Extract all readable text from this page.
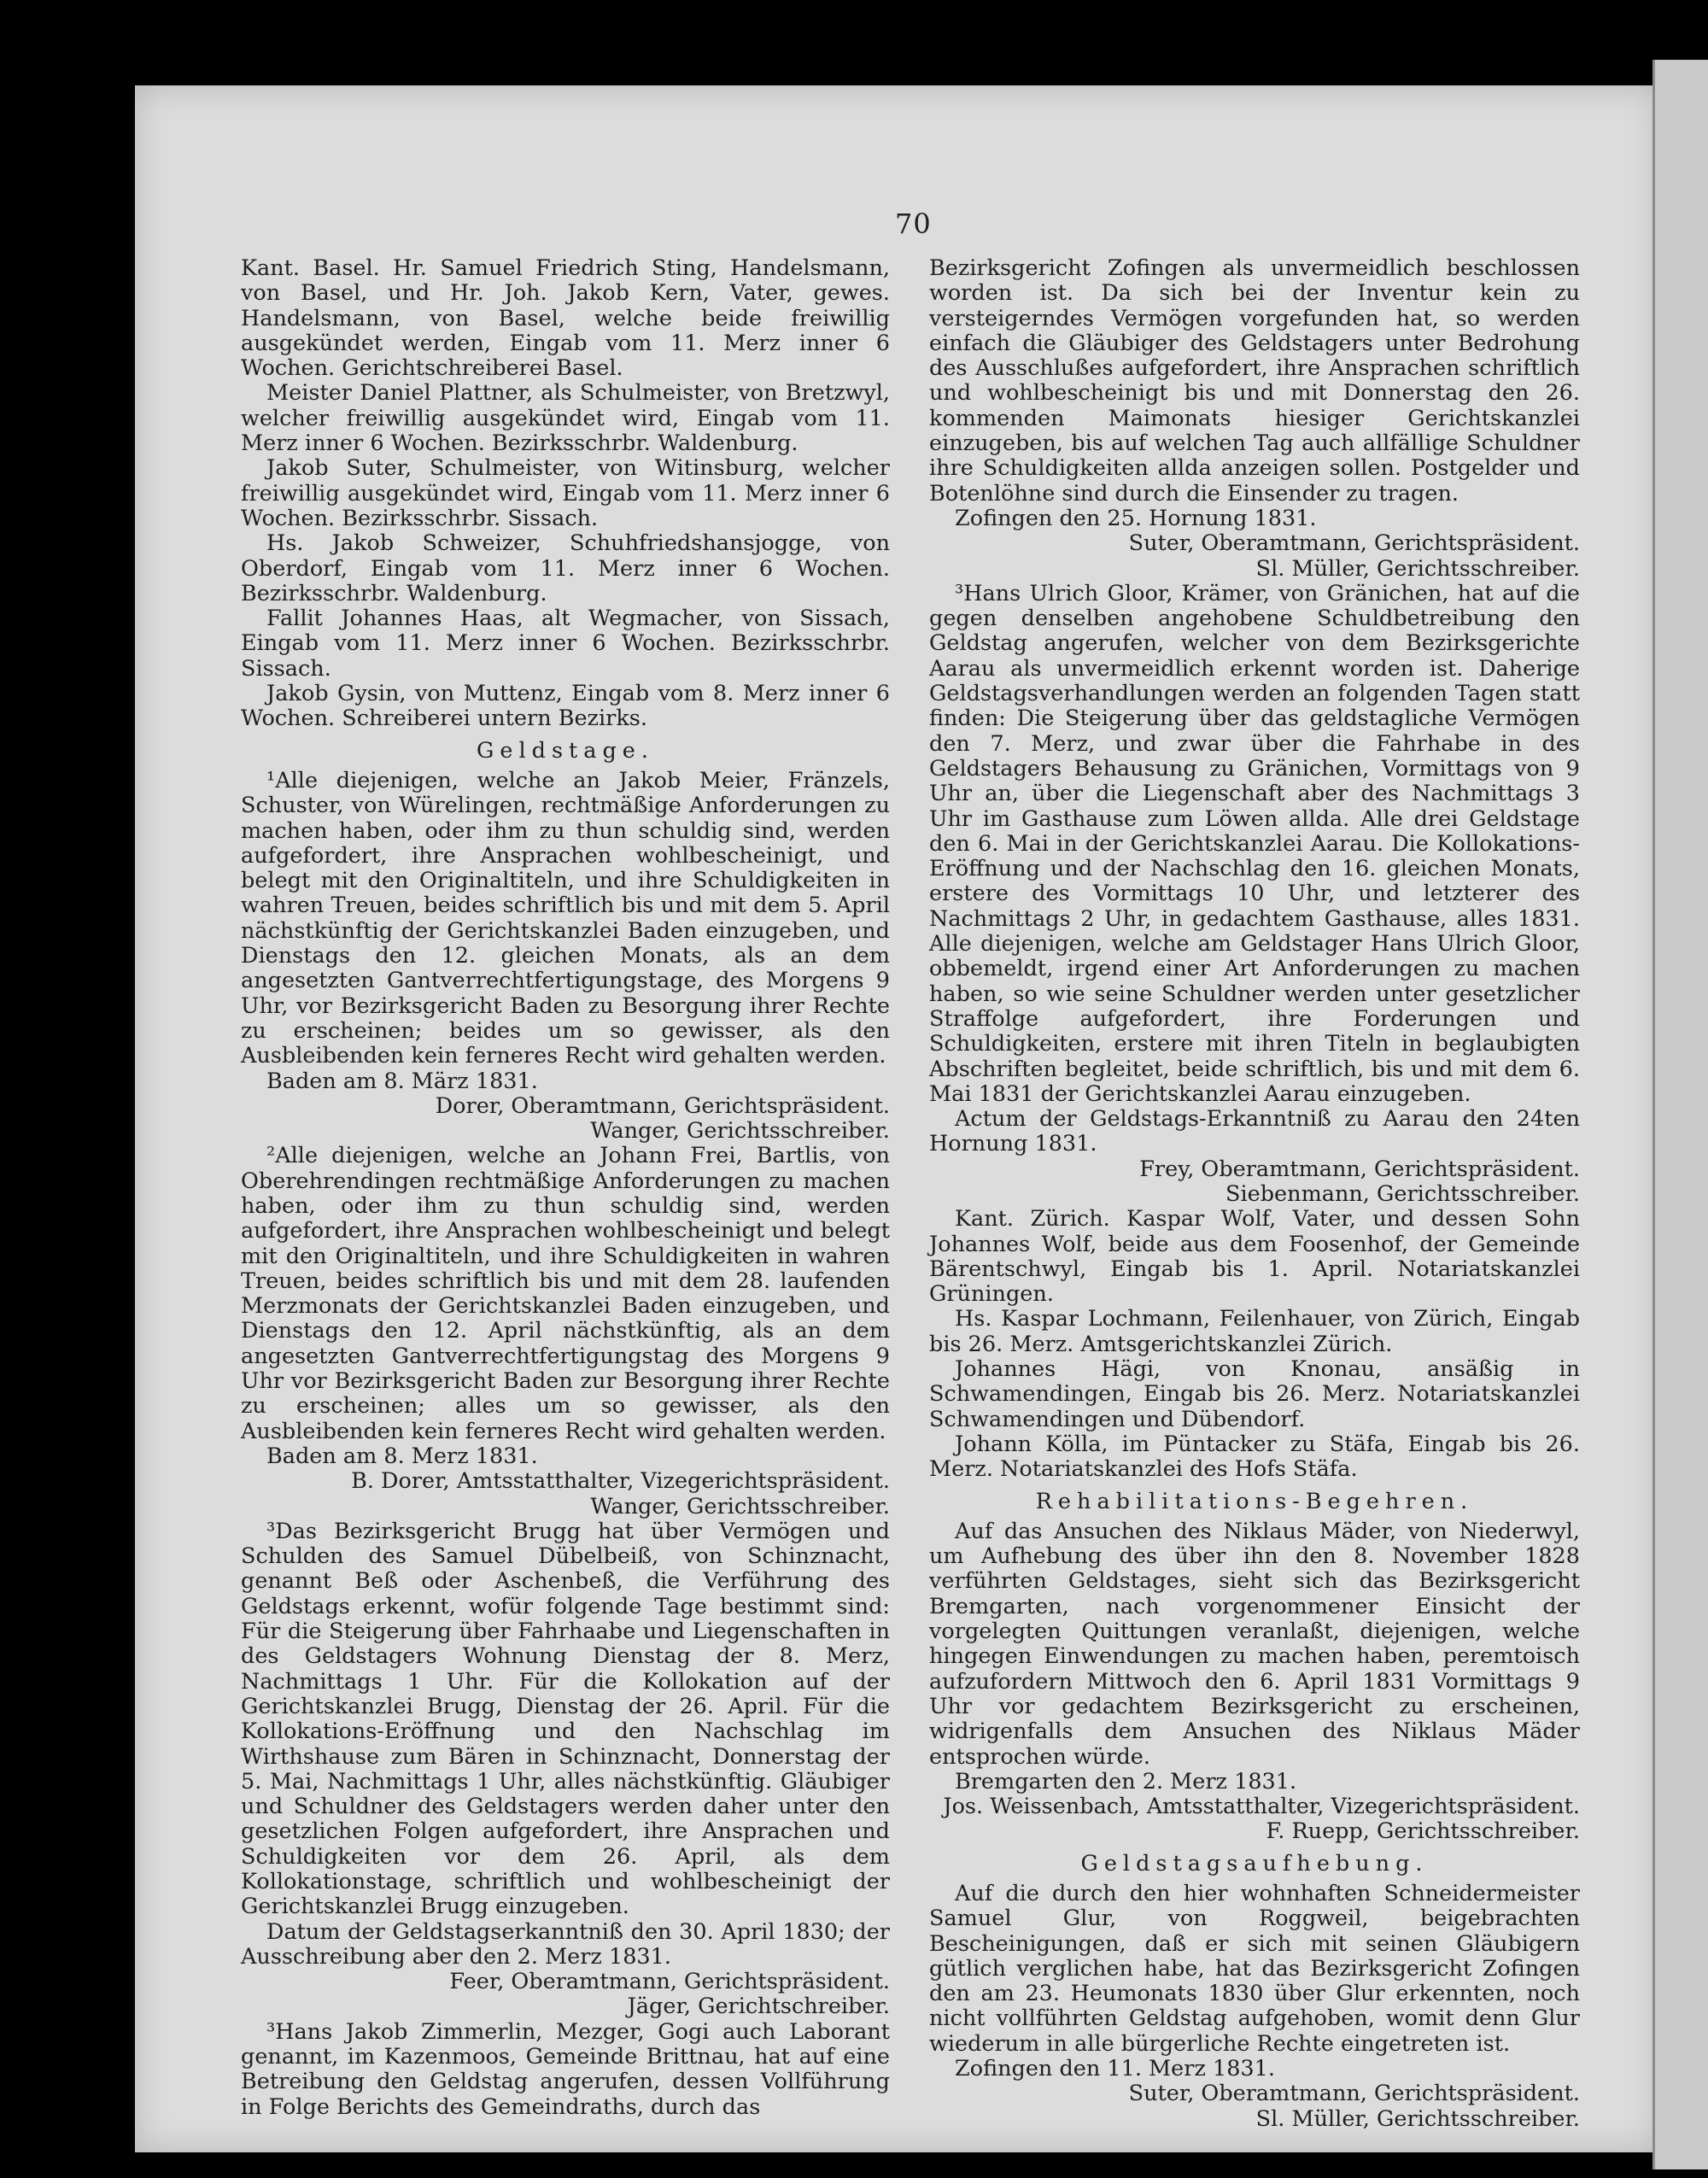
70

Kant. Basel. Hr. Samuel Friedrich Sting, Handelsmann, von Basel, und Hr. Joh. Jakob Kern, Vater, gewes. Handelsmann, von Basel, welche beide freiwillig ausgekündet werden, Eingab vom 11. Merz inner 6 Wochen. Gerichtschreiberei Basel.

Meister Daniel Plattner, als Schulmeister, von Bretzwyl, welcher freiwillig ausgekündet wird, Eingab vom 11. Merz inner 6 Wochen. Bezirksschrbr. Waldenburg.

Jakob Suter, Schulmeister, von Witinsburg, welcher freiwillig ausgekündet wird, Eingab vom 11. Merz inner 6 Wochen. Bezirksschrbr. Sissach.

Hs. Jakob Schweizer, Schuhfriedshansjogge, von Oberdorf, Eingab vom 11. Merz inner 6 Wochen. Bezirksschrbr. Waldenburg.

Fallit Johannes Haas, alt Wegmacher, von Sissach, Eingab vom 11. Merz inner 6 Wochen. Bezirksschrbr. Sissach.

Jakob Gysin, von Muttenz, Eingab vom 8. Merz inner 6 Wochen. Schreiberei untern Bezirks.

Geldstage.

¹Alle diejenigen, welche an Jakob Meier, Fränzels, Schuster, von Würelingen, rechtmäßige Anforderungen zu machen haben, oder ihm zu thun schuldig sind, werden aufgefordert, ihre Ansprachen wohlbescheinigt, und belegt mit den Originaltiteln, und ihre Schuldigkeiten in wahren Treuen, beides schriftlich bis und mit dem 5. April nächstkünftig der Gerichtskanzlei Baden einzugeben, und Dienstags den 12. gleichen Monats, als an dem angesetzten Gantverrechtfertigungstage, des Morgens 9 Uhr, vor Bezirksgericht Baden zu Besorgung ihrer Rechte zu erscheinen; beides um so gewisser, als den Ausbleibenden kein ferneres Recht wird gehalten werden.

Baden am 8. März 1831.

Dorer, Oberamtmann, Gerichtspräsident.

Wanger, Gerichtsschreiber.

²Alle diejenigen, welche an Johann Frei, Bartlis, von Oberehrendingen rechtmäßige Anforderungen zu machen haben, oder ihm zu thun schuldig sind, werden aufgefordert, ihre Ansprachen wohlbescheinigt und belegt mit den Originaltiteln, und ihre Schuldigkeiten in wahren Treuen, beides schriftlich bis und mit dem 28. laufenden Merzmonats der Gerichtskanzlei Baden einzugeben, und Dienstags den 12. April nächstkünftig, als an dem angesetzten Gantverrechtfertigungstag des Morgens 9 Uhr vor Bezirksgericht Baden zur Besorgung ihrer Rechte zu erscheinen; alles um so gewisser, als den Ausbleibenden kein ferneres Recht wird gehalten werden.

Baden am 8. Merz 1831.

B. Dorer, Amtsstatthalter, Vizegerichtspräsident.

Wanger, Gerichtsschreiber.

³Das Bezirksgericht Brugg hat über Vermögen und Schulden des Samuel Dübelbeiß, von Schinznacht, genannt Beß oder Aschenbeß, die Verführung des Geldstags erkennt, wofür folgende Tage bestimmt sind: Für die Steigerung über Fahrhaabe und Liegenschaften in des Geldstagers Wohnung Dienstag der 8. Merz, Nachmittags 1 Uhr. Für die Kollokation auf der Gerichtskanzlei Brugg, Dienstag der 26. April. Für die Kollokations-Eröffnung und den Nachschlag im Wirthshause zum Bären in Schinznacht, Donnerstag der 5. Mai, Nachmittags 1 Uhr, alles nächstkünftig. Gläubiger und Schuldner des Geldstagers werden daher unter den gesetzlichen Folgen aufgefordert, ihre Ansprachen und Schuldigkeiten vor dem 26. April, als dem Kollokationstage, schriftlich und wohlbescheinigt der Gerichtskanzlei Brugg einzugeben.

Datum der Geldstagserkanntniß den 30. April 1830; der Ausschreibung aber den 2. Merz 1831.

Feer, Oberamtmann, Gerichtspräsident.

Jäger, Gerichtschreiber.

³Hans Jakob Zimmerlin, Mezger, Gogi auch Laborant genannt, im Kazenmoos, Gemeinde Brittnau, hat auf eine Betreibung den Geldstag angerufen, dessen Vollführung in Folge Berichts des Gemeindraths, durch das

Bezirksgericht Zofingen als unvermeidlich beschlossen worden ist. Da sich bei der Inventur kein zu versteigerndes Vermögen vorgefunden hat, so werden einfach die Gläubiger des Geldstagers unter Bedrohung des Ausschlußes aufgefordert, ihre Ansprachen schriftlich und wohlbescheinigt bis und mit Donnerstag den 26. kommenden Maimonats hiesiger Gerichtskanzlei einzugeben, bis auf welchen Tag auch allfällige Schuldner ihre Schuldigkeiten allda anzeigen sollen. Postgelder und Botenlöhne sind durch die Einsender zu tragen.

Zofingen den 25. Hornung 1831.

Suter, Oberamtmann, Gerichtspräsident.

Sl. Müller, Gerichtsschreiber.

³Hans Ulrich Gloor, Krämer, von Gränichen, hat auf die gegen denselben angehobene Schuldbetreibung den Geldstag angerufen, welcher von dem Bezirksgerichte Aarau als unvermeidlich erkennt worden ist. Daherige Geldstagsverhandlungen werden an folgenden Tagen statt finden: Die Steigerung über das geldstagliche Vermögen den 7. Merz, und zwar über die Fahrhabe in des Geldstagers Behausung zu Gränichen, Vormittags von 9 Uhr an, über die Liegenschaft aber des Nachmittags 3 Uhr im Gasthause zum Löwen allda. Alle drei Geldstage den 6. Mai in der Gerichtskanzlei Aarau. Die Kollokations-Eröffnung und der Nachschlag den 16. gleichen Monats, erstere des Vormittags 10 Uhr, und letzterer des Nachmittags 2 Uhr, in gedachtem Gasthause, alles 1831. Alle diejenigen, welche am Geldstager Hans Ulrich Gloor, obbemeldt, irgend einer Art Anforderungen zu machen haben, so wie seine Schuldner werden unter gesetzlicher Straffolge aufgefordert, ihre Forderungen und Schuldigkeiten, erstere mit ihren Titeln in beglaubigten Abschriften begleitet, beide schriftlich, bis und mit dem 6. Mai 1831 der Gerichtskanzlei Aarau einzugeben.

Actum der Geldstags-Erkanntniß zu Aarau den 24ten Hornung 1831.

Frey, Oberamtmann, Gerichtspräsident.

Siebenmann, Gerichtsschreiber.

Kant. Zürich. Kaspar Wolf, Vater, und dessen Sohn Johannes Wolf, beide aus dem Foosenhof, der Gemeinde Bärentschwyl, Eingab bis 1. April. Notariatskanzlei Grüningen.

Hs. Kaspar Lochmann, Feilenhauer, von Zürich, Eingab bis 26. Merz. Amtsgerichtskanzlei Zürich.

Johannes Hägi, von Knonau, ansäßig in Schwamendingen, Eingab bis 26. Merz. Notariatskanzlei Schwamendingen und Dübendorf.

Johann Kölla, im Püntacker zu Stäfa, Eingab bis 26. Merz. Notariatskanzlei des Hofs Stäfa.

Rehabilitations-Begehren.

Auf das Ansuchen des Niklaus Mäder, von Niederwyl, um Aufhebung des über ihn den 8. November 1828 verführten Geldstages, sieht sich das Bezirksgericht Bremgarten, nach vorgenommener Einsicht der vorgelegten Quittungen veranlaßt, diejenigen, welche hingegen Einwendungen zu machen haben, peremtoisch aufzufordern Mittwoch den 6. April 1831 Vormittags 9 Uhr vor gedachtem Bezirksgericht zu erscheinen, widrigenfalls dem Ansuchen des Niklaus Mäder entsprochen würde.

Bremgarten den 2. Merz 1831.

Jos. Weissenbach, Amtsstatthalter, Vizegerichtspräsident.

F. Ruepp, Gerichtsschreiber.

Geldstagsaufhebung.

Auf die durch den hier wohnhaften Schneidermeister Samuel Glur, von Roggweil, beigebrachten Bescheinigungen, daß er sich mit seinen Gläubigern gütlich verglichen habe, hat das Bezirksgericht Zofingen den am 23. Heumonats 1830 über Glur erkennten, noch nicht vollführten Geldstag aufgehoben, womit denn Glur wiederum in alle bürgerliche Rechte eingetreten ist.

Zofingen den 11. Merz 1831.

Suter, Oberamtmann, Gerichtspräsident.

Sl. Müller, Gerichtsschreiber.
